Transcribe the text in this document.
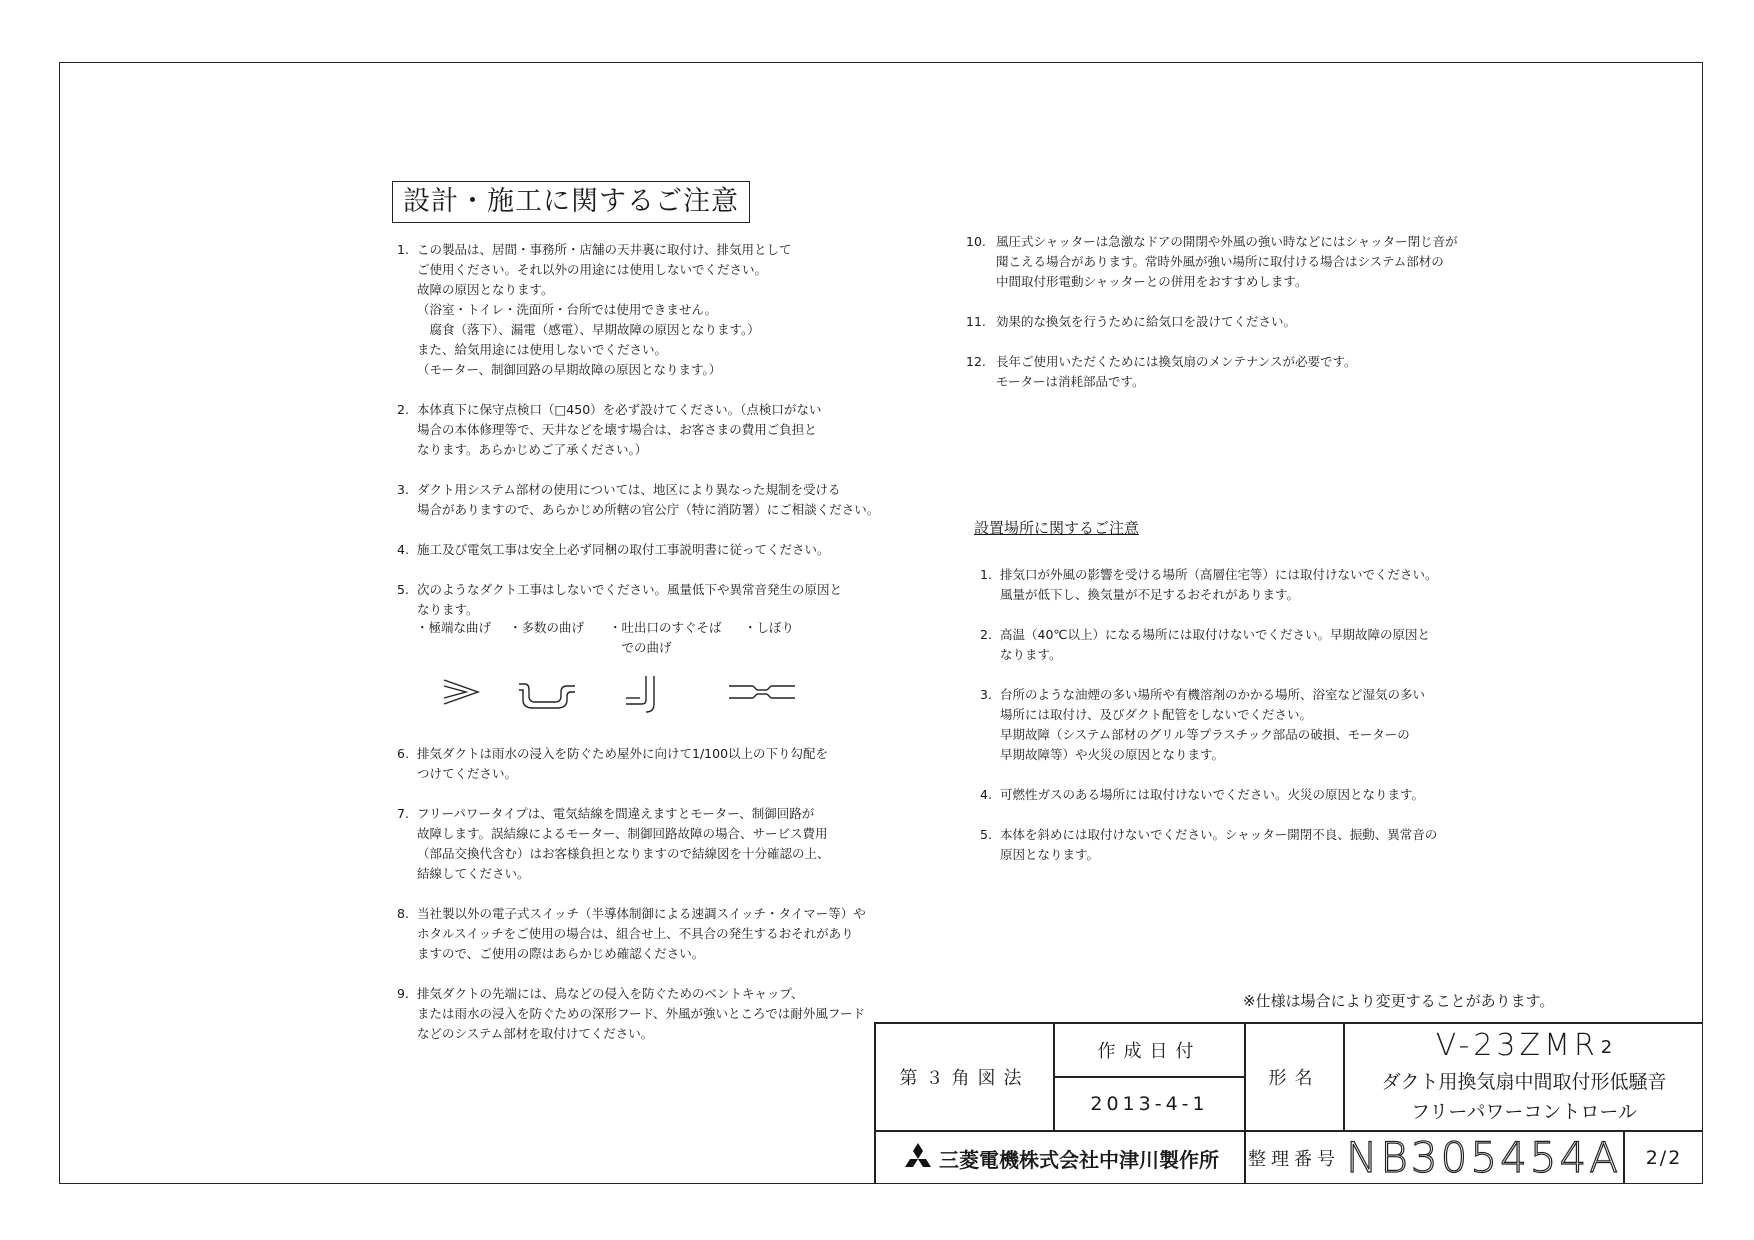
設計・施工に関するご注意
1. この製品は、居間・事務所・店舗の天井裏に取付け、排気用として
ご使用ください。それ以外の用途には使用しないでください。
故障の原因となります。
（浴室・トイレ・洗面所・台所では使用できません。
　腐食（落下）、漏電（感電）、早期故障の原因となります。）
また、給気用途には使用しないでください。
（モーター、制御回路の早期故障の原因となります。）
2. 本体真下に保守点検口（□450）を必ず設けてください。（点検口がない
場合の本体修理等で、天井などを壊す場合は、お客さまの費用ご負担と
なります。あらかじめご了承ください。）
3. ダクト用システム部材の使用については、地区により異なった規制を受ける
場合がありますので、あらかじめ所轄の官公庁（特に消防署）にご相談ください。
4. 施工及び電気工事は安全上必ず同梱の取付工事説明書に従ってください。
5. 次のようなダクト工事はしないでください。風量低下や異常音発生の原因と
なります。
・極端な曲げ ・多数の曲げ ・吐出口のすぐそば
　での曲げ
・しぼり
6. 排気ダクトは雨水の浸入を防ぐため屋外に向けて1/100以上の下り勾配を
つけてください。
7. フリーパワータイプは、電気結線を間違えますとモーター、制御回路が
故障します。誤結線によるモーター、制御回路故障の場合、サービス費用
（部品交換代含む）はお客様負担となりますので結線図を十分確認の上、
結線してください。
8. 当社製以外の電子式スイッチ（半導体制御による速調スイッチ・タイマー等）や
ホタルスイッチをご使用の場合は、組合せ上、不具合の発生するおそれがあり
ますので、ご使用の際はあらかじめ確認ください。
9. 排気ダクトの先端には、鳥などの侵入を防ぐためのベントキャップ、
または雨水の浸入を防ぐための深形フード、外風が強いところでは耐外風フード
などのシステム部材を取付けてください。
10. 風圧式シャッターは急激なドアの開閉や外風の強い時などにはシャッター閉じ音が
聞こえる場合があります。常時外風が強い場所に取付ける場合はシステム部材の
中間取付形電動シャッターとの併用をおすすめします。
11. 効果的な換気を行うために給気口を設けてください。
12. 長年ご使用いただくためには換気扇のメンテナンスが必要です。
モーターは消耗部品です。
設置場所に関するご注意
1. 排気口が外風の影響を受ける場所（高層住宅等）には取付けないでください。
風量が低下し、換気量が不足するおそれがあります。
2. 高温（40℃以上）になる場所には取付けないでください。早期故障の原因と
なります。
3. 台所のような油煙の多い場所や有機溶剤のかかる場所、浴室など湿気の多い
場所には取付け、及びダクト配管をしないでください。
早期故障（システム部材のグリル等プラスチック部品の破損、モーターの
早期故障等）や火災の原因となります。
4. 可燃性ガスのある場所には取付けないでください。火災の原因となります。
5. 本体を斜めには取付けないでください。シャッター開閉不良、振動、異常音の
原因となります。
※仕様は場合により変更することがあります。
第３角図法
作成日付
2013-4-1
形名
V-23ZMR 2
ダクト用換気扇中間取付形低騒音
フリーパワーコントロール
三菱電機株式会社中津川製作所 整理番号 NB305454A	2/2
